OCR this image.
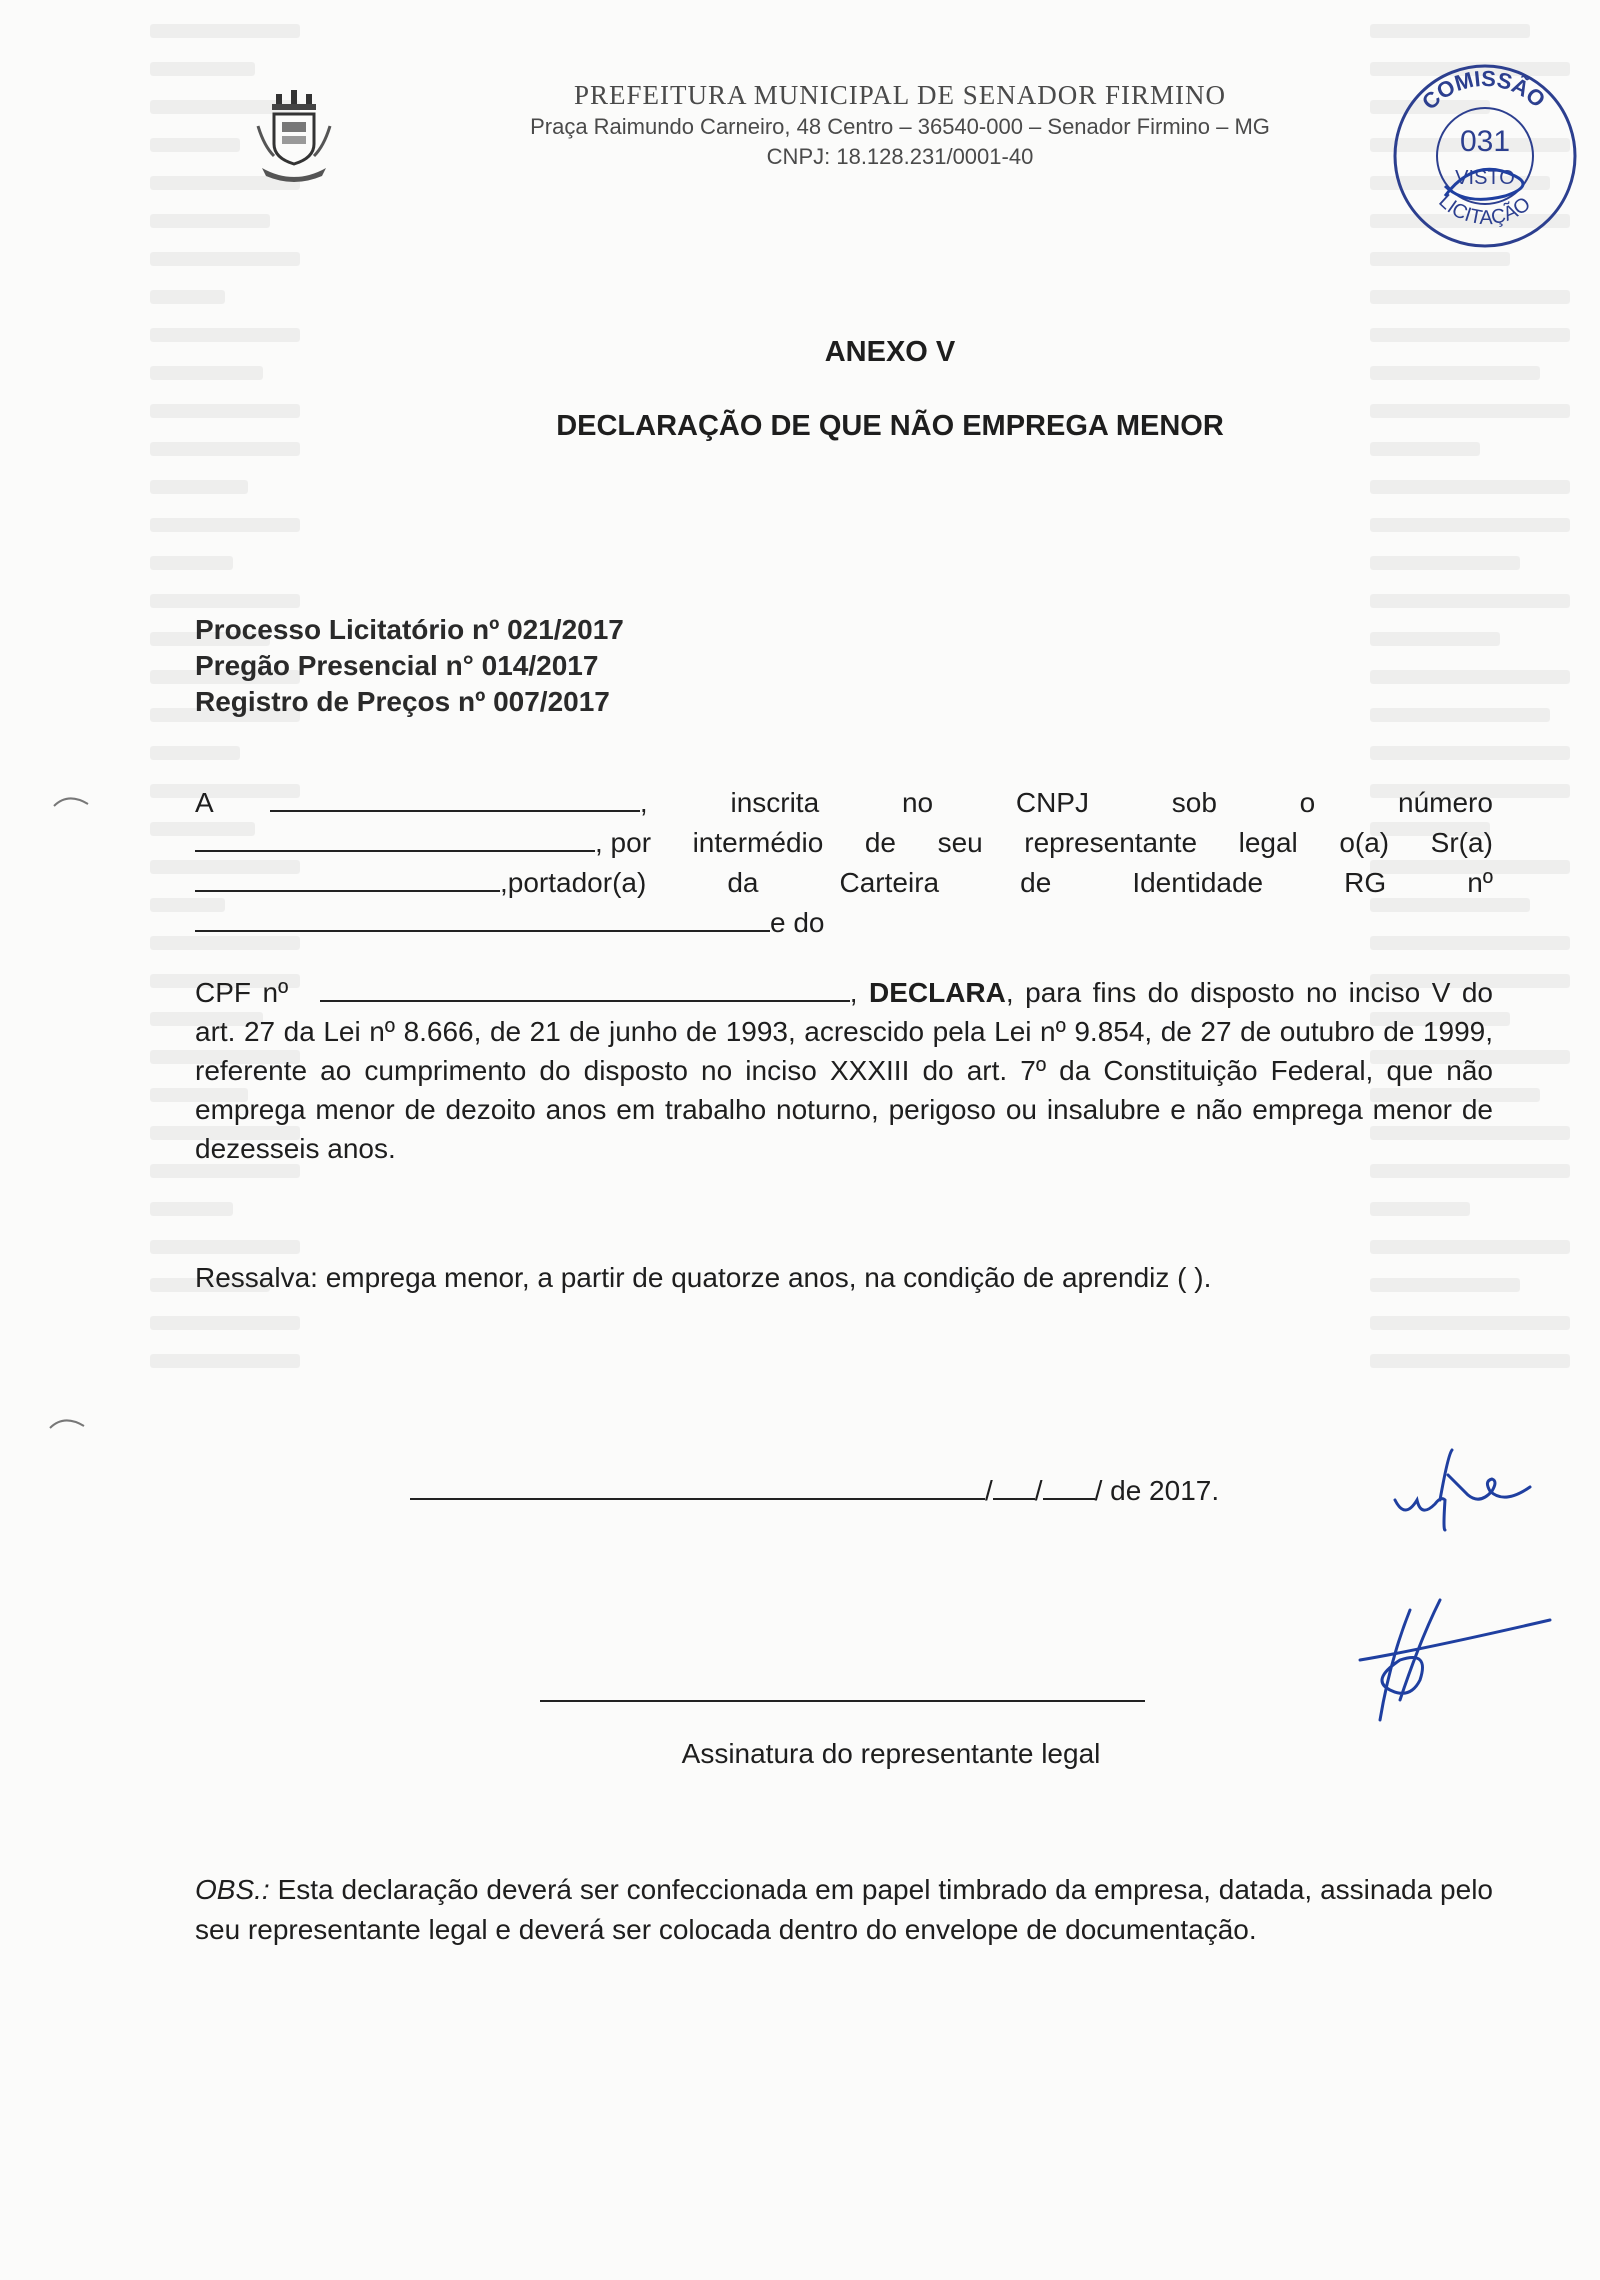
PREFEITURA MUNICIPAL DE SENADOR FIRMINO
Praça Raimundo Carneiro, 48 Centro – 36540-000 – Senador Firmino – MG
CNPJ: 18.128.231/0001-40
COMISSÃO
LICITAÇÃO
031
VISTO
ANEXO V
DECLARAÇÃO DE QUE NÃO EMPREGA MENOR
Processo Licitatório nº 021/2017
Pregão Presencial n° 014/2017
Registro de Preços nº 007/2017
A	,	inscrita	no	CNPJ	sob	o	número
, por intermédio de seu representante legal o(a) Sr(a)
,portador(a)	da	Carteira	de	Identidade	RG	nº
e do
CPF nº	, DECLARA, para fins do disposto no inciso V do art. 27 da Lei nº 8.666, de 21 de junho de 1993, acrescido pela Lei nº 9.854, de 27 de outubro de 1999, referente ao cumprimento do disposto no inciso XXXIII do art. 7º da Constituição Federal, que não emprega menor de dezoito anos em trabalho noturno, perigoso ou insalubre e não emprega menor de dezesseis anos.
Ressalva: emprega menor, a partir de quatorze anos, na condição de aprendiz ( ).
/ / / de 2017.
Assinatura do representante legal
OBS.: Esta declaração deverá ser confeccionada em papel timbrado da empresa, datada, assinada pelo seu representante legal e deverá ser colocada dentro do envelope de documentação.
